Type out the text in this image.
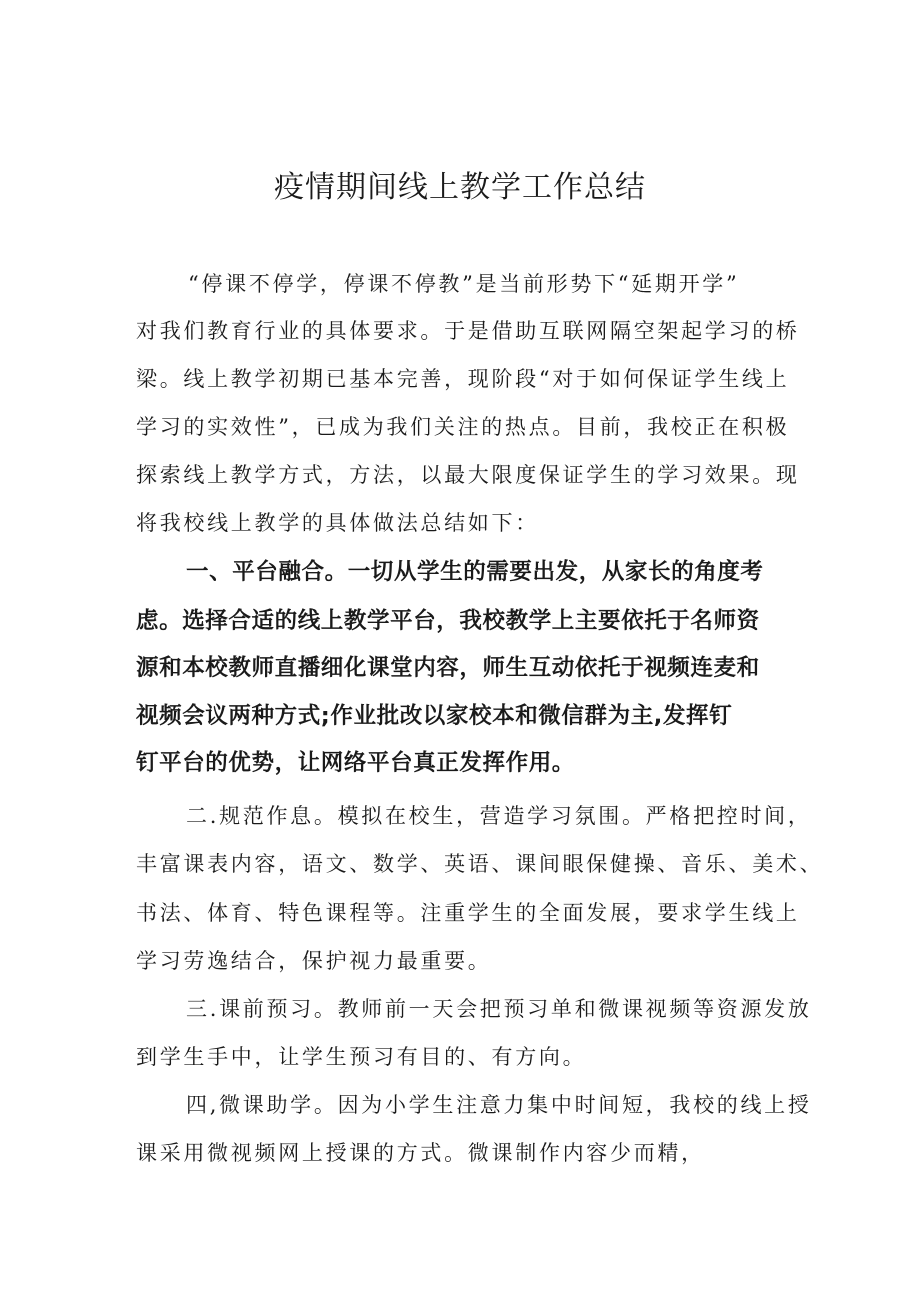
疫情期间线上教学工作总结

“停课不停学，停课不停教”是当前形势下“延期开学”

对我们教育行业的具体要求。于是借助互联网隔空架起学习的桥

梁。线上教学初期已基本完善，现阶段“对于如何保证学生线上

学习的实效性”，已成为我们关注的热点。目前，我校正在积极

探索线上教学方式，方法，以最大限度保证学生的学习效果。现

将我校线上教学的具体做法总结如下：

一、平台融合。一切从学生的需要出发，从家长的角度考

虑。选择合适的线上教学平台，我校教学上主要依托于名师资

源和本校教师直播细化课堂内容，师生互动依托于视频连麦和

视频会议两种方式;作业批改以家校本和微信群为主,发挥钉

钉平台的优势，让网络平台真正发挥作用。

二.规范作息。模拟在校生，营造学习氛围。严格把控时间，

丰富课表内容，语文、数学、英语、课间眼保健操、音乐、美术、

书法、体育、特色课程等。注重学生的全面发展，要求学生线上

学习劳逸结合，保护视力最重要。

三.课前预习。教师前一天会把预习单和微课视频等资源发放

到学生手中，让学生预习有目的、有方向。

四,微课助学。因为小学生注意力集中时间短，我校的线上授

课采用微视频网上授课的方式。微课制作内容少而精，
